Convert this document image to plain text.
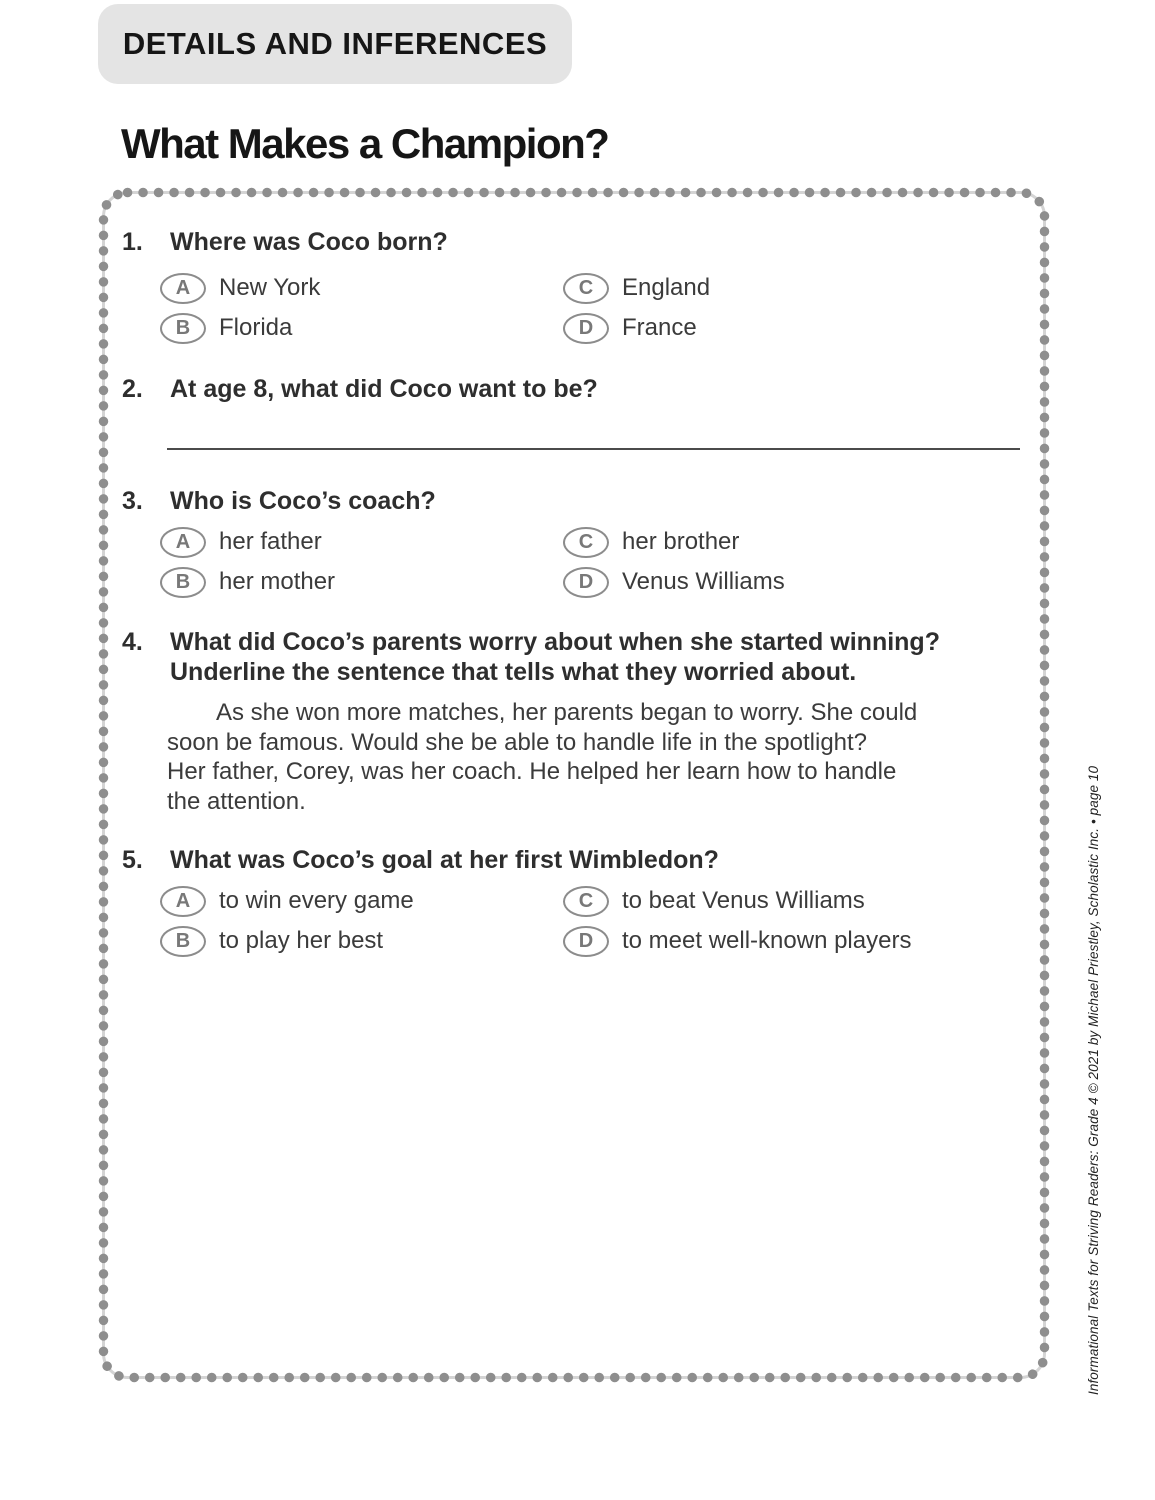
DETAILS AND INFERENCES
What Makes a Champion?
1.	Where was Coco born?
A	New York
B	Florida
C	England
D	France
2.	At age 8, what did Coco want to be?
3.	Who is Coco’s coach?
A	her father
B	her mother
C	her brother
D	Venus Williams
4.	What did Coco’s parents worry about when she started winning?
Underline the sentence that tells what they worried about.
As she won more matches, her parents began to worry. She could
soon be famous. Would she be able to handle life in the spotlight?
Her father, Corey, was her coach. He helped her learn how to handle
the attention.
5.	What was Coco’s goal at her first Wimbledon?
A	to win every game
B	to play her best
C	to beat Venus Williams
D	to meet well-known players	Informational Texts for Striving Readers: Grade 4 © 2021 by Michael Priestley, Scholastic Inc. • page 10
